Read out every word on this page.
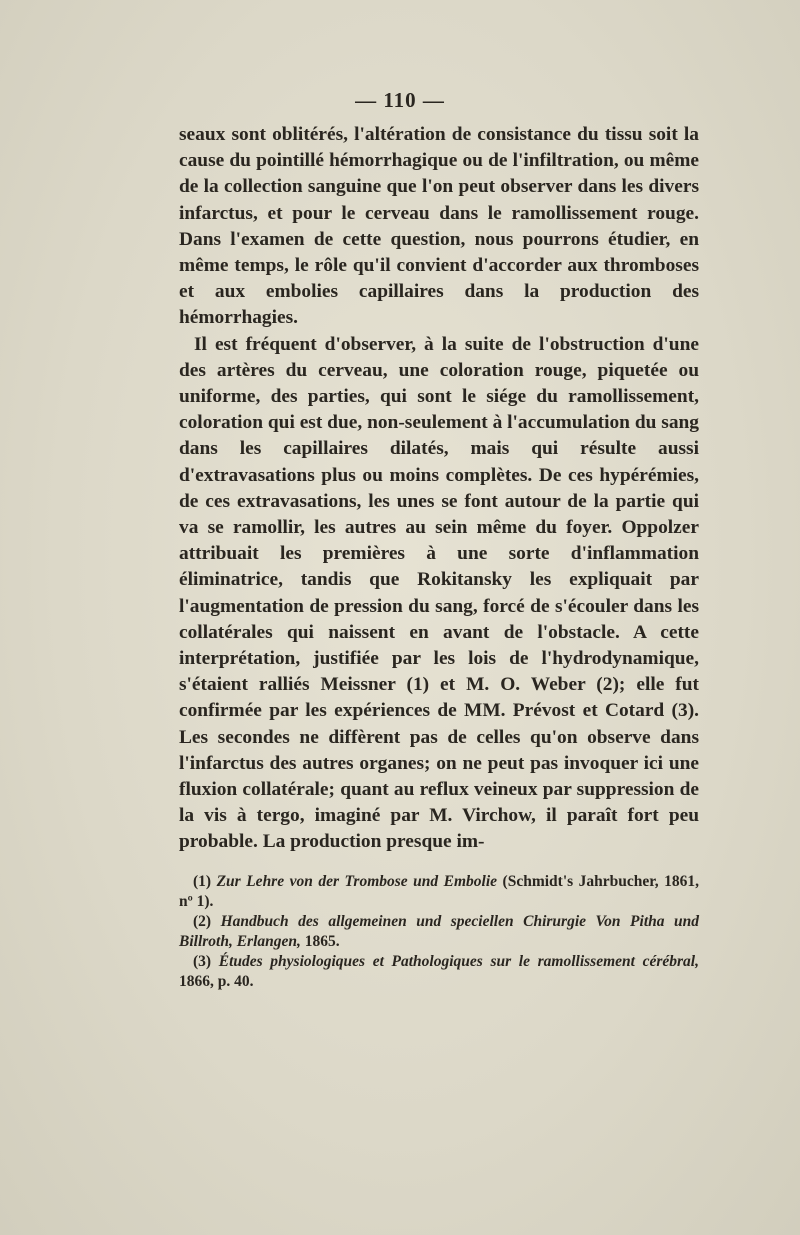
— 110 —

seaux sont oblitérés, l'altération de consistance du tissu soit la cause du pointillé hémorrhagique ou de l'infiltration, ou même de la collection sanguine que l'on peut observer dans les divers infarctus, et pour le cerveau dans le ramollissement rouge. Dans l'examen de cette question, nous pourrons étudier, en même temps, le rôle qu'il convient d'accorder aux thromboses et aux embolies capillaires dans la production des hémorrhagies.

Il est fréquent d'observer, à la suite de l'obstruction d'une des artères du cerveau, une coloration rouge, piquetée ou uniforme, des parties, qui sont le siége du ramollissement, coloration qui est due, non-seulement à l'accumulation du sang dans les capillaires dilatés, mais qui résulte aussi d'extravasations plus ou moins complètes. De ces hypérémies, de ces extravasations, les unes se font autour de la partie qui va se ramollir, les autres au sein même du foyer. Oppolzer attribuait les premières à une sorte d'inflammation éliminatrice, tandis que Rokitansky les expliquait par l'augmentation de pression du sang, forcé de s'écouler dans les collatérales qui naissent en avant de l'obstacle. A cette interprétation, justifiée par les lois de l'hydrodynamique, s'étaient ralliés Meissner (1) et M. O. Weber (2); elle fut confirmée par les expériences de MM. Prévost et Cotard (3). Les secondes ne diffèrent pas de celles qu'on observe dans l'infarctus des autres organes; on ne peut pas invoquer ici une fluxion collatérale; quant au reflux veineux par suppression de la vis à tergo, imaginé par M. Virchow, il paraît fort peu probable. La production presque im-

(1) Zur Lehre von der Trombose und Embolie (Schmidt's Jahrbucher, 1861, nº 1).

(2) Handbuch des allgemeinen und speciellen Chirurgie Von Pitha und Billroth, Erlangen, 1865.

(3) Études physiologiques et Pathologiques sur le ramollissement cérébral, 1866, p. 40.
